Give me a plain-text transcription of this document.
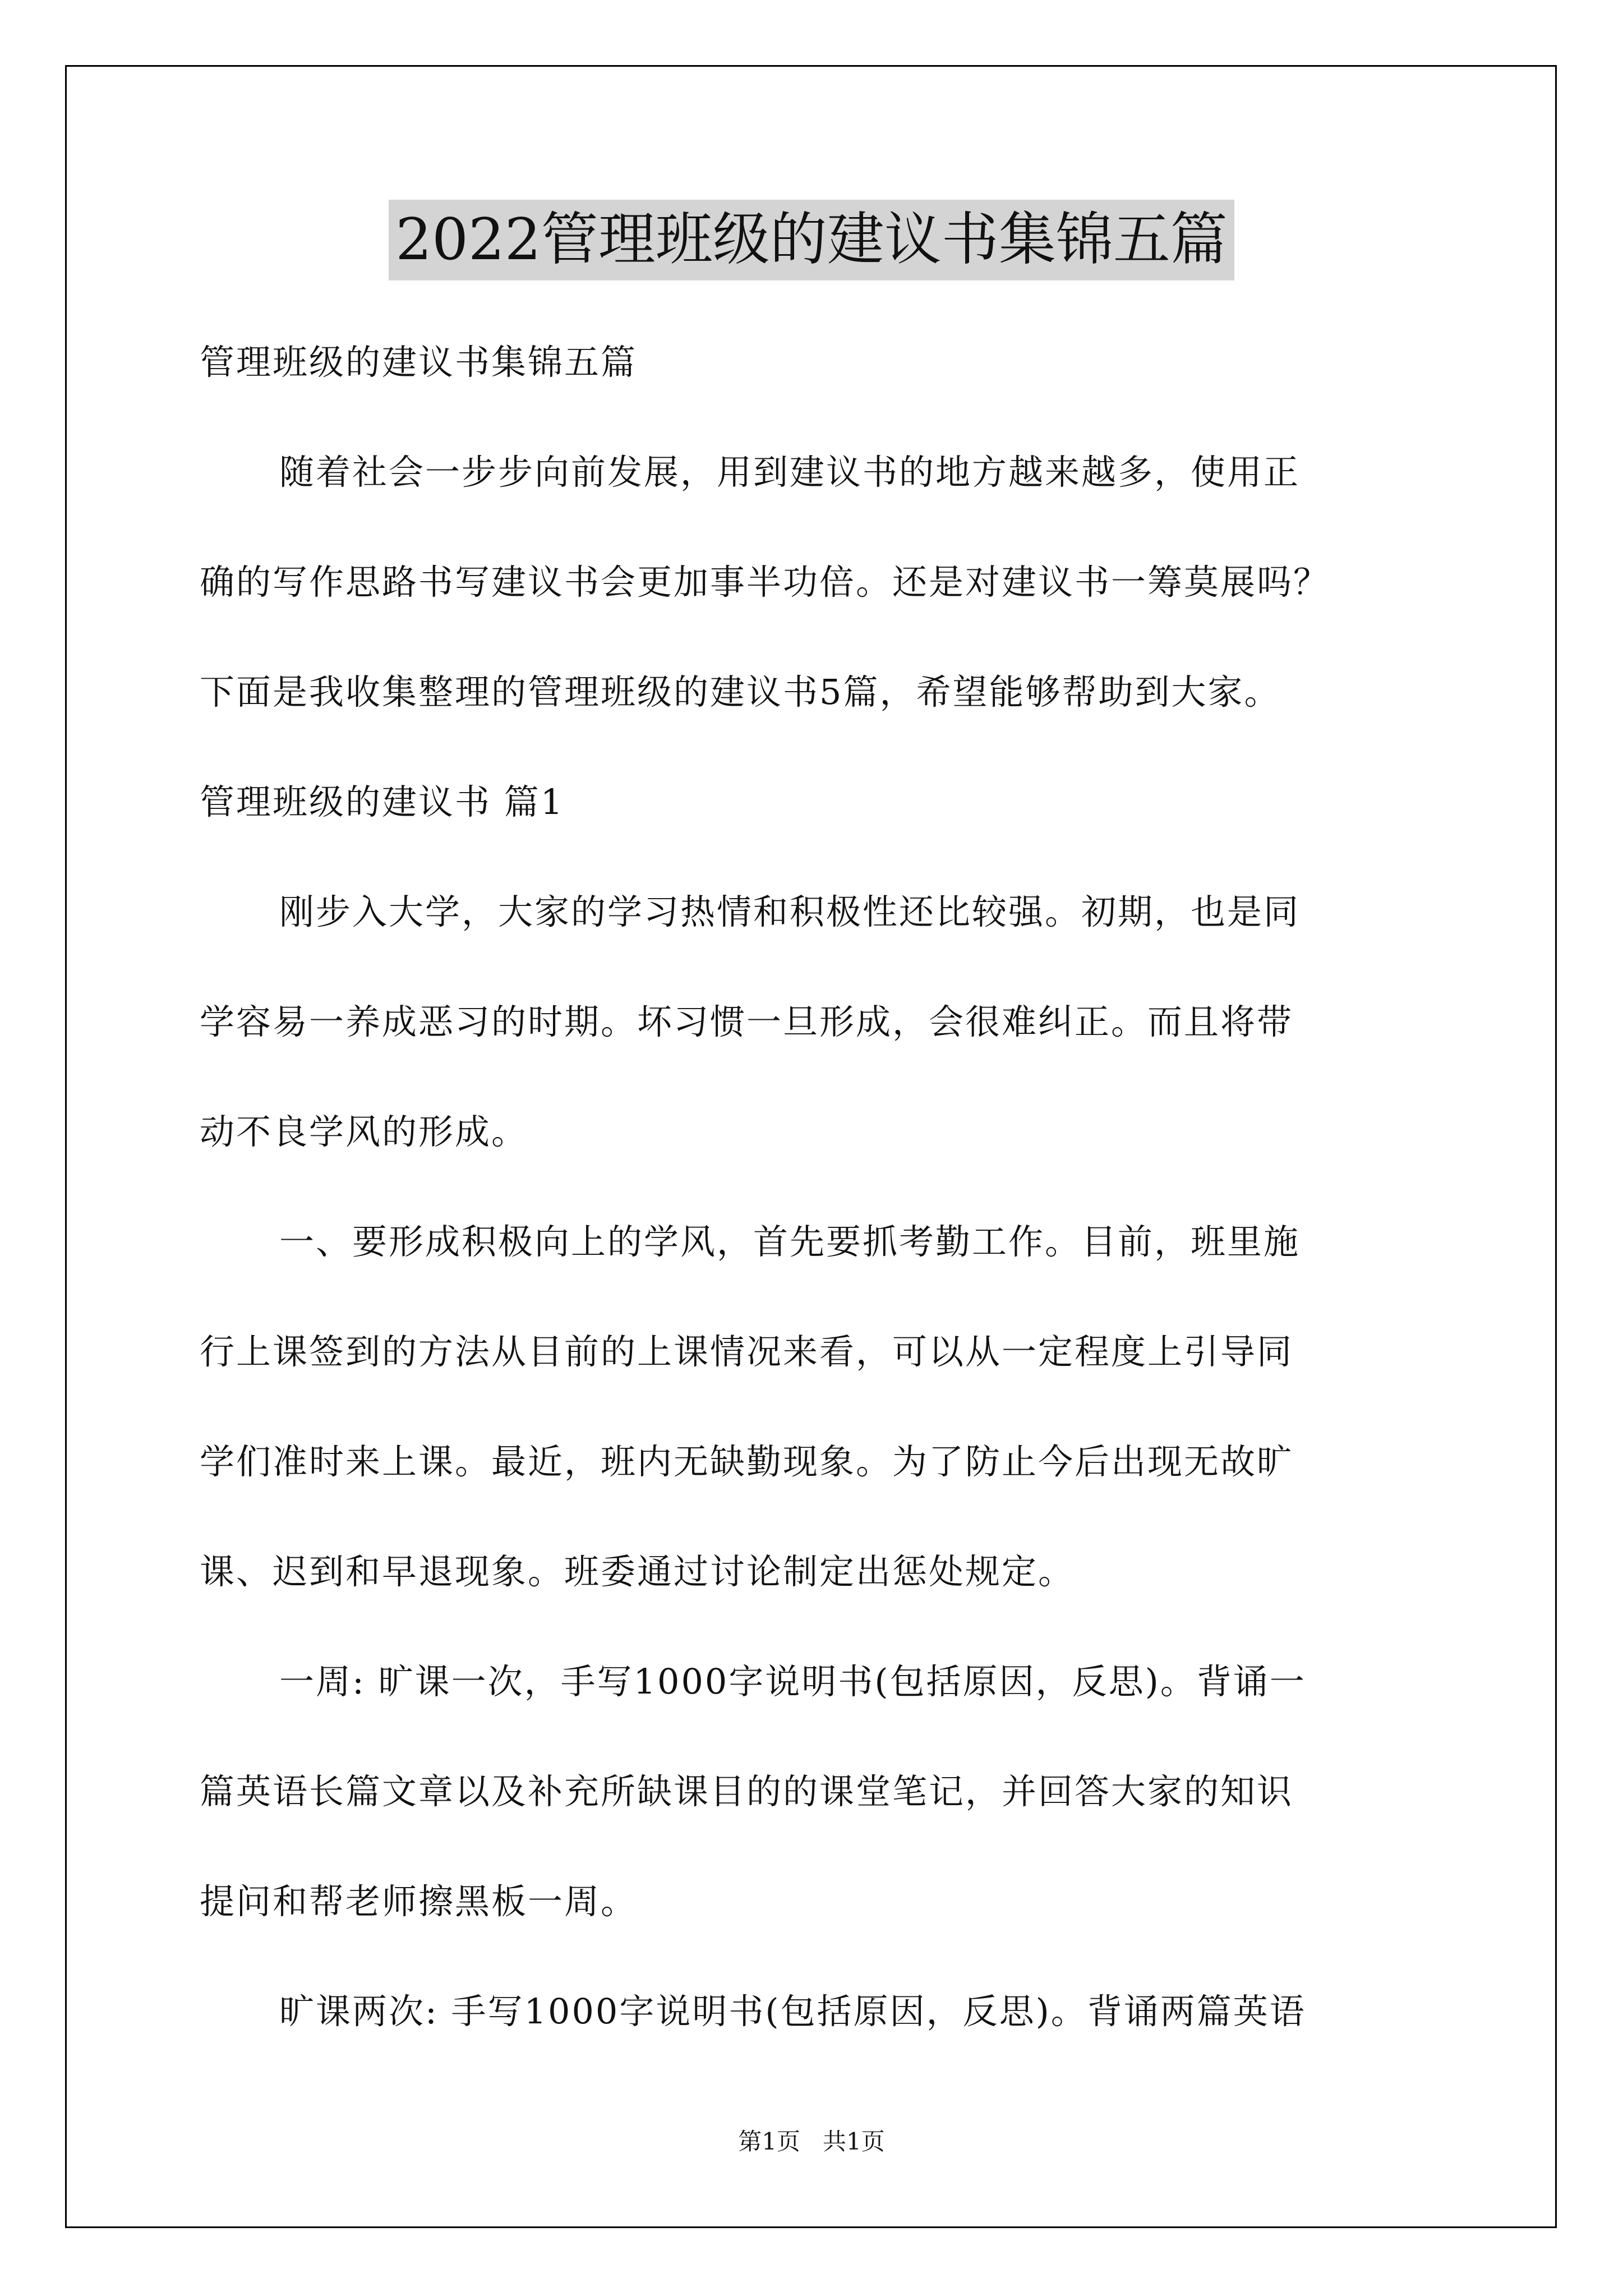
2022管理班级的建议书集锦五篇
管理班级的建议书集锦五篇
随着社会一步步向前发展，用到建议书的地方越来越多，使用正
确的写作思路书写建议书会更加事半功倍。还是对建议书一筹莫展吗？
下面是我收集整理的管理班级的建议书5篇，希望能够帮助到大家。
管理班级的建议书 篇1
刚步入大学，大家的学习热情和积极性还比较强。初期，也是同
学容易一养成恶习的时期。坏习惯一旦形成，会很难纠正。而且将带
动不良学风的形成。
一、要形成积极向上的学风，首先要抓考勤工作。目前，班里施
行上课签到的方法从目前的上课情况来看，可以从一定程度上引导同
学们准时来上课。最近，班内无缺勤现象。为了防止今后出现无故旷
课、迟到和早退现象。班委通过讨论制定出惩处规定。
一周: 旷课一次，手写1000字说明书(包括原因，反思)。背诵一
篇英语长篇文章以及补充所缺课目的的课堂笔记，并回答大家的知识
提问和帮老师擦黑板一周。
旷课两次: 手写1000字说明书(包括原因，反思)。背诵两篇英语
第1页   共1页
